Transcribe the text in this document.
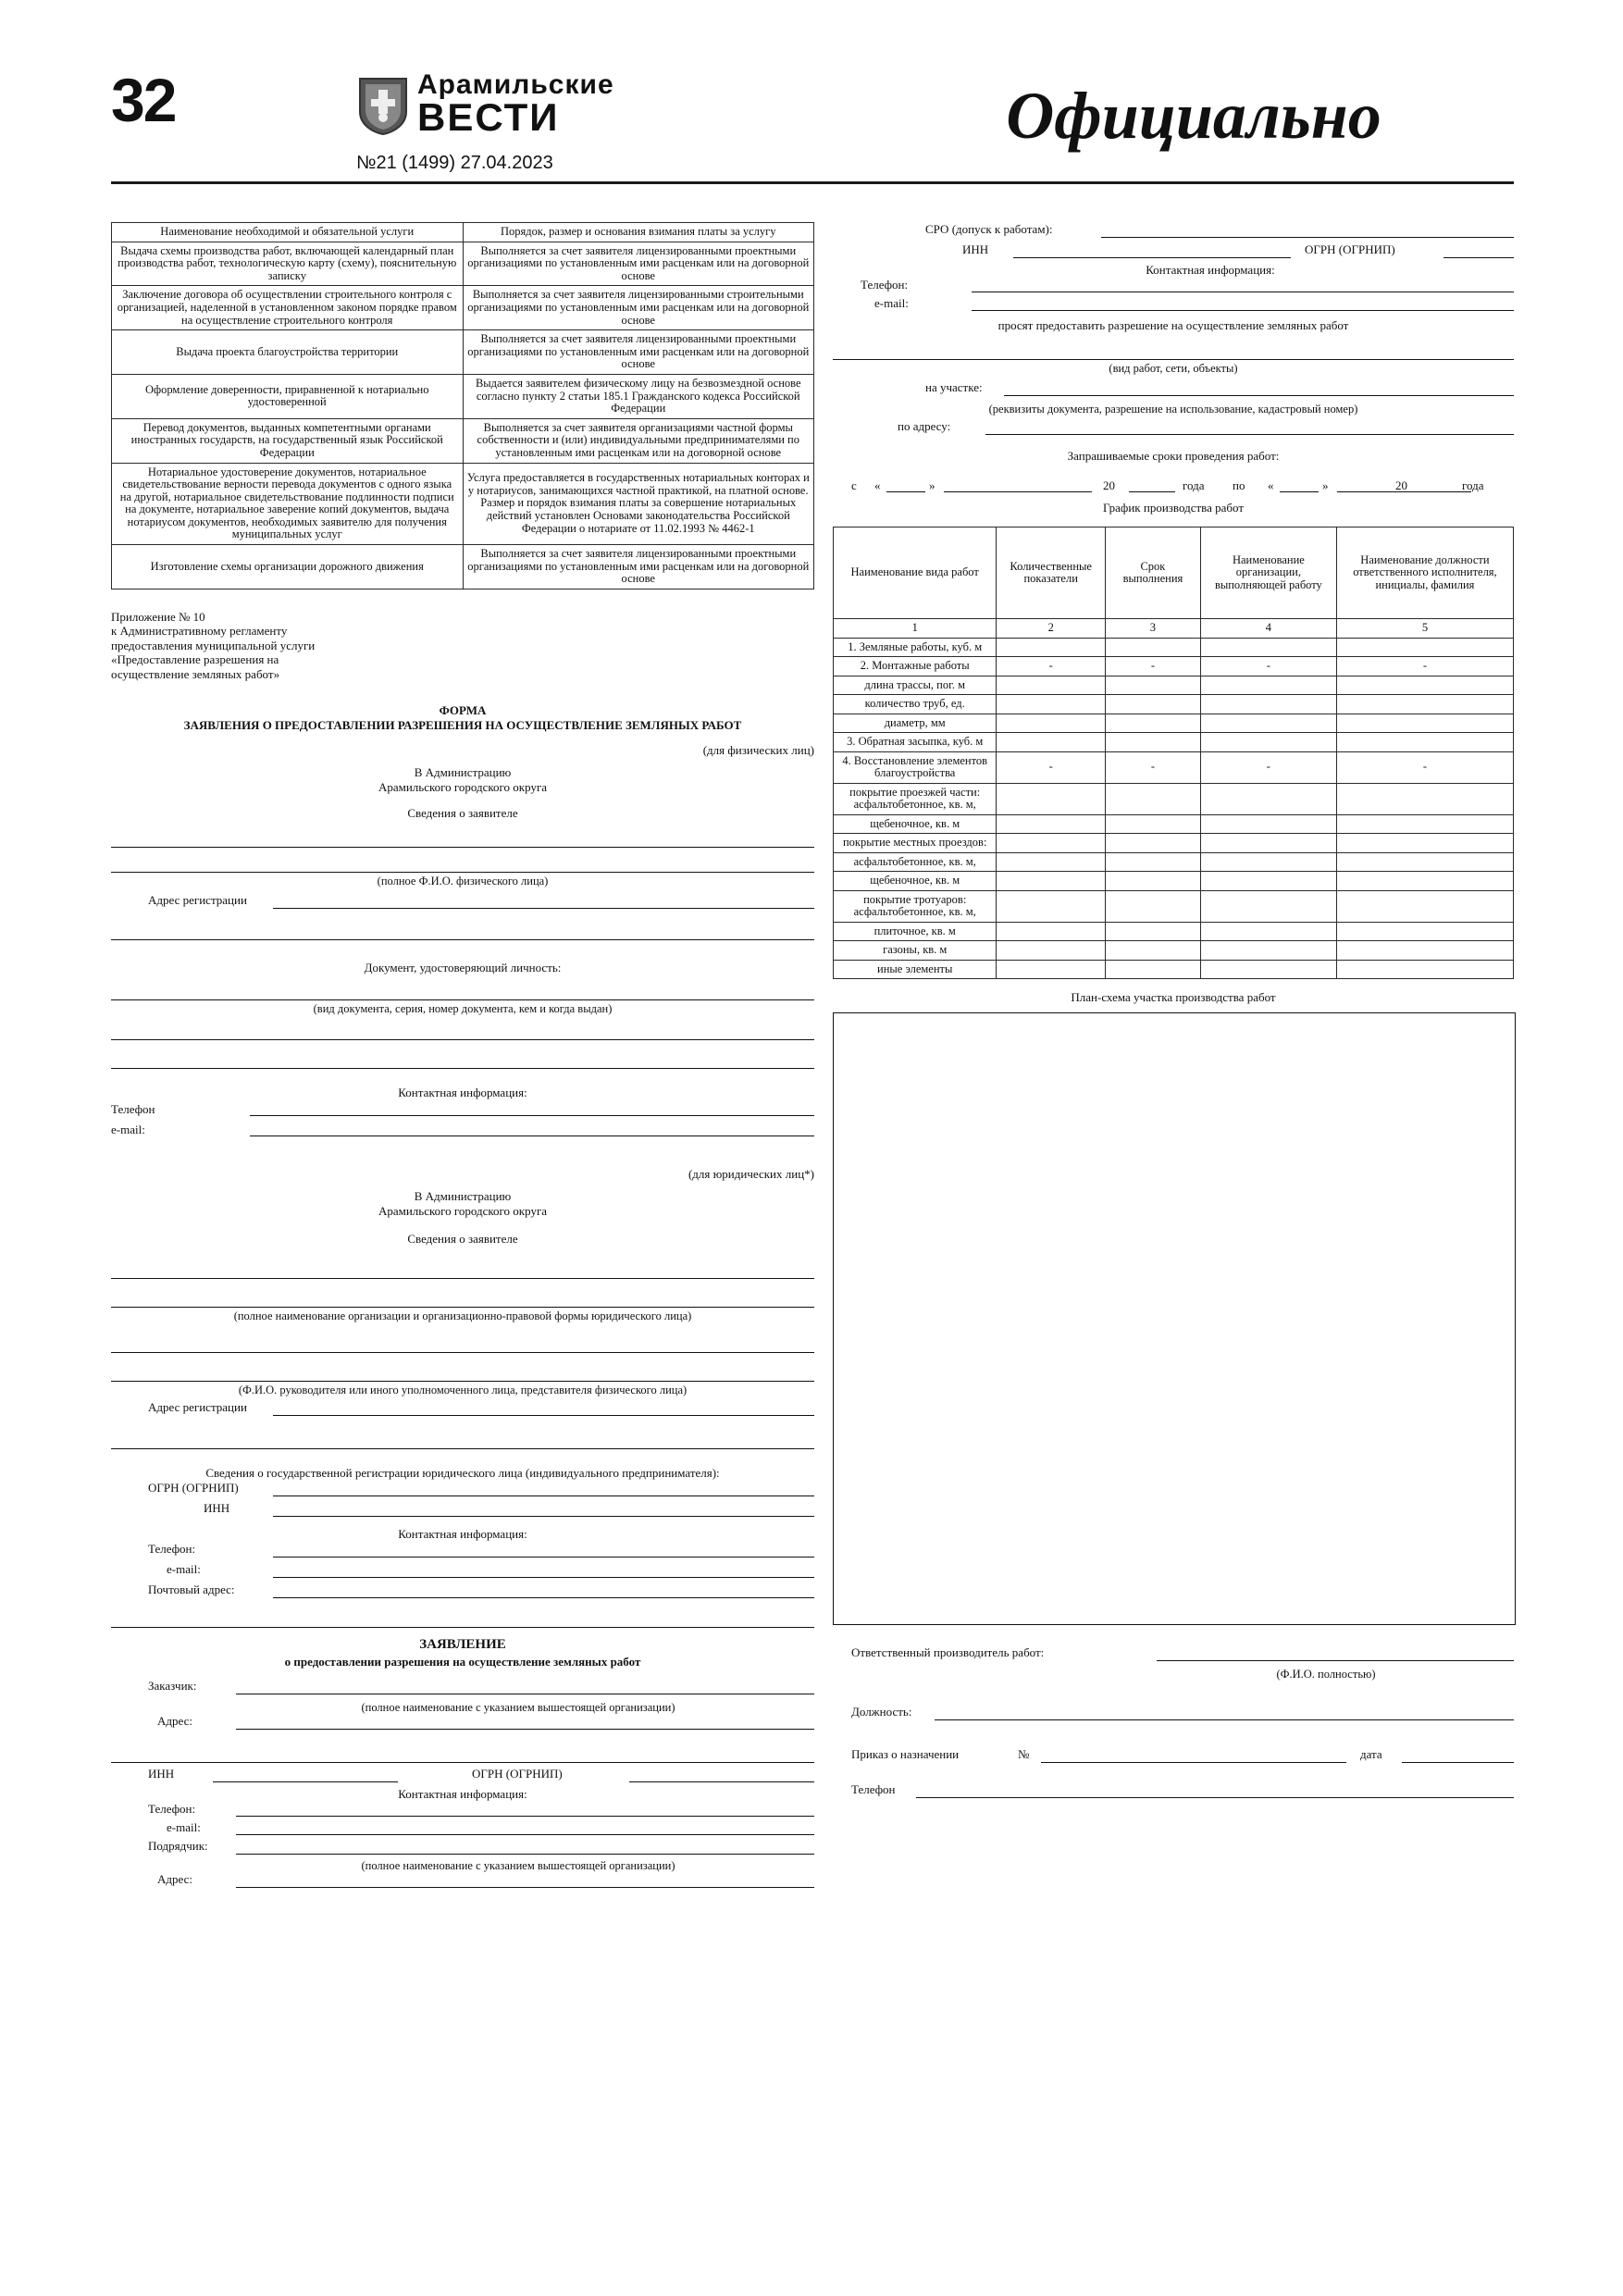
32	Арамильские
ВЕСТИ
№21 (1499) 27.04.2023
Официально
Наименование необходимой и обязательной услуги	Порядок, размер и основания взимания платы за услугу
Выдача схемы производства работ, включающей календарный план производства работ, технологическую карту (схему), пояснительную записку	Выполняется за счет заявителя лицензированными проектными организациями по установленным ими расценкам или на договорной основе
Заключение договора об осуществлении строительного контроля с организацией, наделенной в установленном законом порядке правом на осуществление строительного контроля	Выполняется за счет заявителя лицензированными строительными организациями по установленным ими расценкам или на договорной основе
Выдача проекта благоустройства территории	Выполняется за счет заявителя лицензированными проектными организациями по установленным ими расценкам или на договорной основе
Оформление доверенности, приравненной к нотариально удостоверенной	Выдается заявителем физическому лицу на безвозмездной основе согласно пункту 2 статьи 185.1 Гражданского кодекса Российской Федерации
Перевод документов, выданных компетентными органами иностранных государств, на государственный язык Российской Федерации	Выполняется за счет заявителя организациями частной формы собственности и (или) индивидуальными предпринимателями по установленным ими расценкам или на договорной основе
Нотариальное удостоверение документов, нотариальное свидетельствование верности перевода документов с одного языка на другой, нотариальное свидетельствование подлинности подписи на документе, нотариальное заверение копий документов, выдача нотариусом документов, необходимых заявителю для получения муниципальных услуг	Услуга предоставляется в государственных нотариальных конторах и у нотариусов, занимающихся частной практикой, на платной основе. Размер и порядок взимания платы за совершение нотариальных действий установлен Основами законодательства Российской Федерации о нотариате от 11.02.1993 № 4462-1
Изготовление схемы организации дорожного движения	Выполняется за счет заявителя лицензированными проектными организациями по установленным ими расценкам или на договорной основе
Приложение № 10
к Административному регламенту
предоставления муниципальной услуги
«Предоставление разрешения на
осуществление земляных работ»
ФОРМА
ЗАЯВЛЕНИЯ О ПРЕДОСТАВЛЕНИИ РАЗРЕШЕНИЯ НА ОСУЩЕСТВЛЕНИЕ ЗЕМЛЯНЫХ РАБОТ
(для физических лиц)
В Администрацию
Арамильского городского округа
Сведения о заявителе
(полное Ф.И.О. физического лица)
Адрес регистрации
Документ, удостоверяющий личность:
(вид документа, серия, номер документа, кем и когда выдан)
Контактная информация:
Телефон
e-mail:
(для юридических лиц*)
В Администрацию
Арамильского городского округа
Сведения о заявителе
(полное наименование организации и организационно-правовой формы юридического лица)
(Ф.И.О. руководителя или иного уполномоченного лица, представителя физического лица)
Адрес регистрации
Сведения о государственной регистрации юридического лица (индивидуального предпринимателя):
ОГРН (ОГРНИП)
ИНН
Контактная информация:
Телефон:
e-mail:
Почтовый адрес:
ЗАЯВЛЕНИЕ
о предоставлении разрешения на осуществление земляных работ
Заказчик:
(полное наименование с указанием вышестоящей организации)
Адрес:
ИНН	ОГРН (ОГРНИП)
Контактная информация:
Телефон:
e-mail:
Подрядчик:
(полное наименование с указанием вышестоящей организации)
Адрес:
СРО (допуск к работам):
ИНН	ОГРН (ОГРНИП)
Контактная информация:
Телефон:
e-mail:
просят предоставить разрешение на осуществление земляных работ
(вид работ, сети, объекты)
на участке:
(реквизиты документа, разрешение на использование, кадастровый номер)
по адресу:
Запрашиваемые сроки проведения работ:
с «	»	20	года по «	»	20	года
График производства работ
Наименование вида работ	Количественные показатели	Срок выполнения	Наименование организации, выполняющей работу	Наименование должности ответственного исполнителя, инициалы, фамилия
1	2	3	4	5
1. Земляные работы, куб. м				
2. Монтажные работы	-	-	-	-
длина трассы, пог. м				
количество труб, ед.				
диаметр, мм				
3. Обратная засыпка, куб. м				
4. Восстановление элементов благоустройства	-	-	-	-
покрытие проезжей части: асфальтобетонное, кв. м,				
щебеночное, кв. м				
покрытие местных проездов:				
асфальтобетонное, кв. м,				
щебеночное, кв. м				
покрытие тротуаров: асфальтобетонное, кв. м,				
плиточное, кв. м				
газоны, кв. м				
иные элементы				
План-схема участка производства работ
Ответственный производитель работ:
(Ф.И.О. полностью)
Должность:
Приказ о назначении	№	дата
Телефон
